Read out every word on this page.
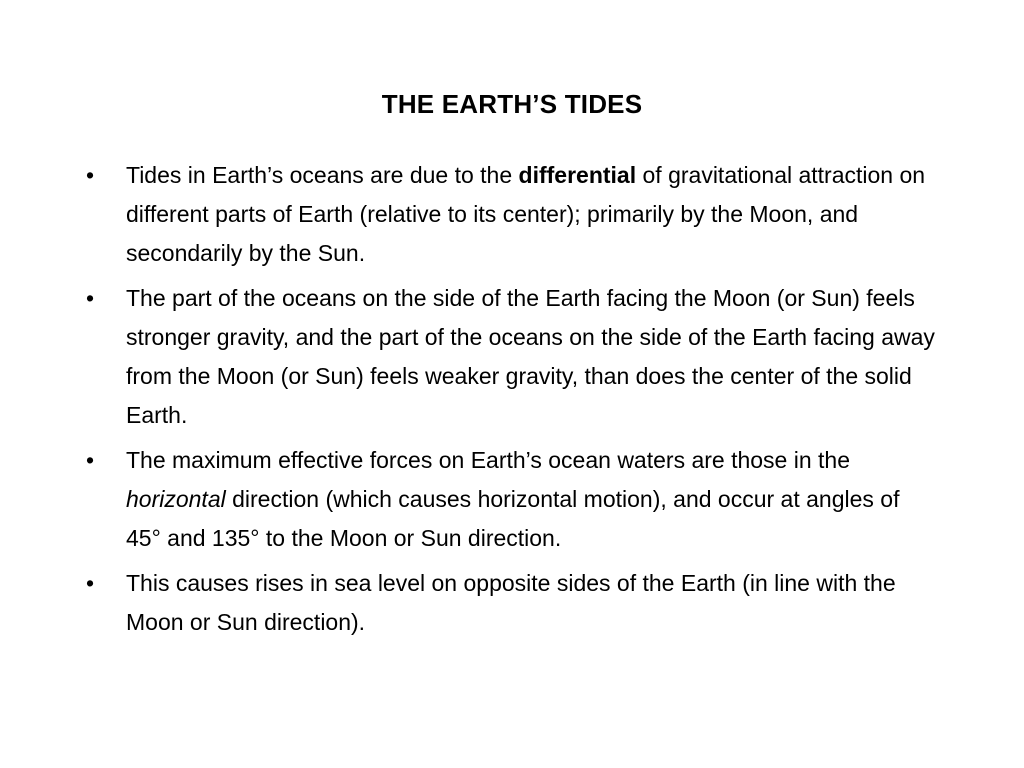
THE EARTH’S TIDES
• Tides in Earth’s oceans are due to the differential of gravitational attraction on different parts of Earth (relative to its center); primarily by the Moon, and secondarily by the Sun.
• The part of the oceans on the side of the Earth facing the Moon (or Sun) feels stronger gravity, and the part of the oceans on the side of the Earth facing away from the Moon (or Sun) feels weaker gravity, than does the center of the solid Earth.
• The maximum effective forces on Earth’s ocean waters are those in the horizontal direction (which causes horizontal motion), and occur at angles of 45° and 135° to the Moon or Sun direction.
• This causes rises in sea level on opposite sides of the Earth (in line with the Moon or Sun direction).
